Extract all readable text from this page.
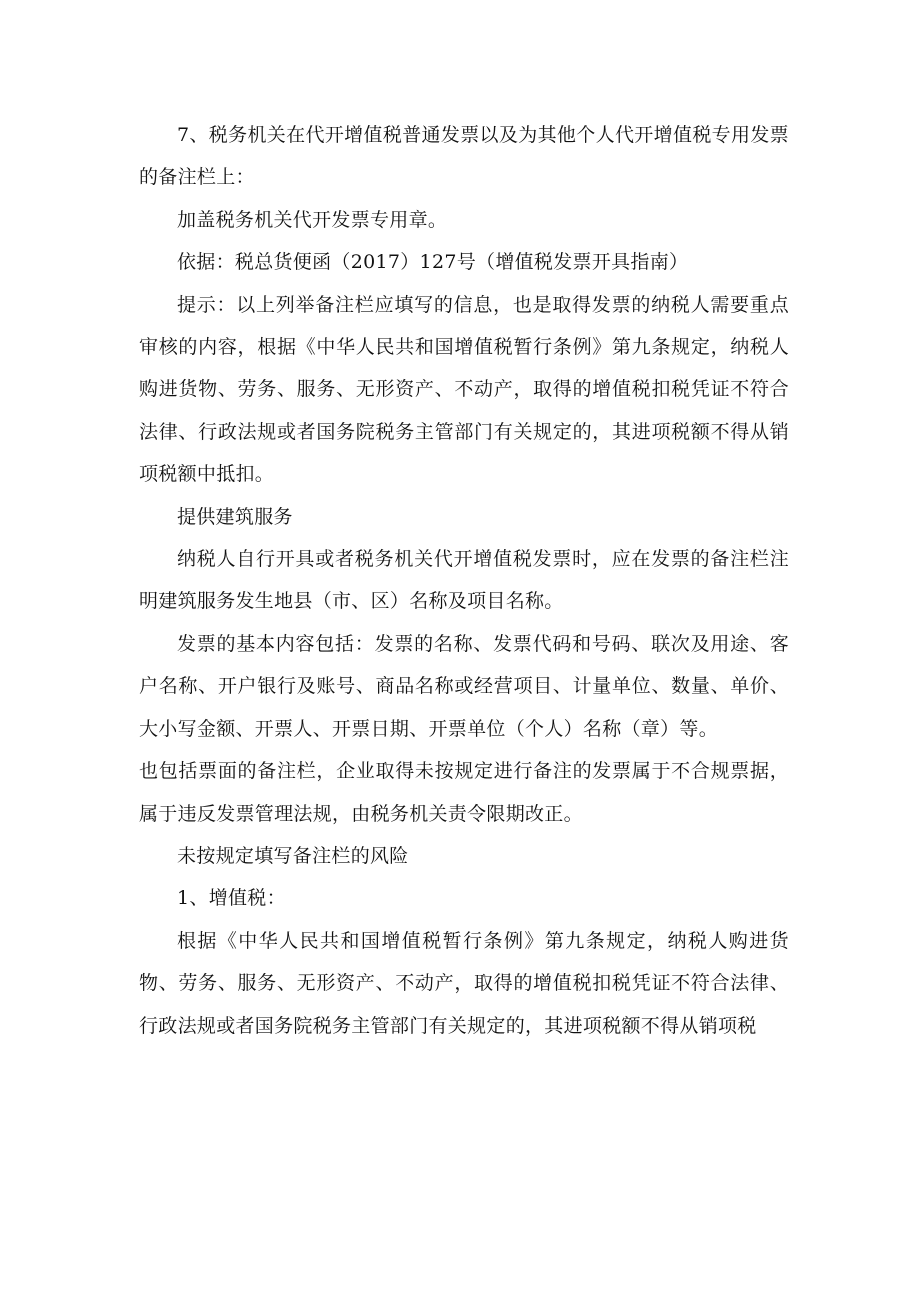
7、税务机关在代开增值税普通发票以及为其他个人代开增值税专用发票的备注栏上：

加盖税务机关代开发票专用章。

依据：税总货便函（2017）127号（增值税发票开具指南）

提示：以上列举备注栏应填写的信息，也是取得发票的纳税人需要重点审核的内容，根据《中华人民共和国增值税暂行条例》第九条规定，纳税人购进货物、劳务、服务、无形资产、不动产，取得的增值税扣税凭证不符合法律、行政法规或者国务院税务主管部门有关规定的，其进项税额不得从销项税额中抵扣。

提供建筑服务

纳税人自行开具或者税务机关代开增值税发票时，应在发票的备注栏注明建筑服务发生地县（市、区）名称及项目名称。

发票的基本内容包括：发票的名称、发票代码和号码、联次及用途、客户名称、开户银行及账号、商品名称或经营项目、计量单位、数量、单价、大小写金额、开票人、开票日期、开票单位（个人）名称（章）等。

也包括票面的备注栏，企业取得未按规定进行备注的发票属于不合规票据，属于违反发票管理法规，由税务机关责令限期改正。

未按规定填写备注栏的风险

1、增值税：

根据《中华人民共和国增值税暂行条例》第九条规定，纳税人购进货物、劳务、服务、无形资产、不动产，取得的增值税扣税凭证不符合法律、行政法规或者国务院税务主管部门有关规定的，其进项税额不得从销项税
